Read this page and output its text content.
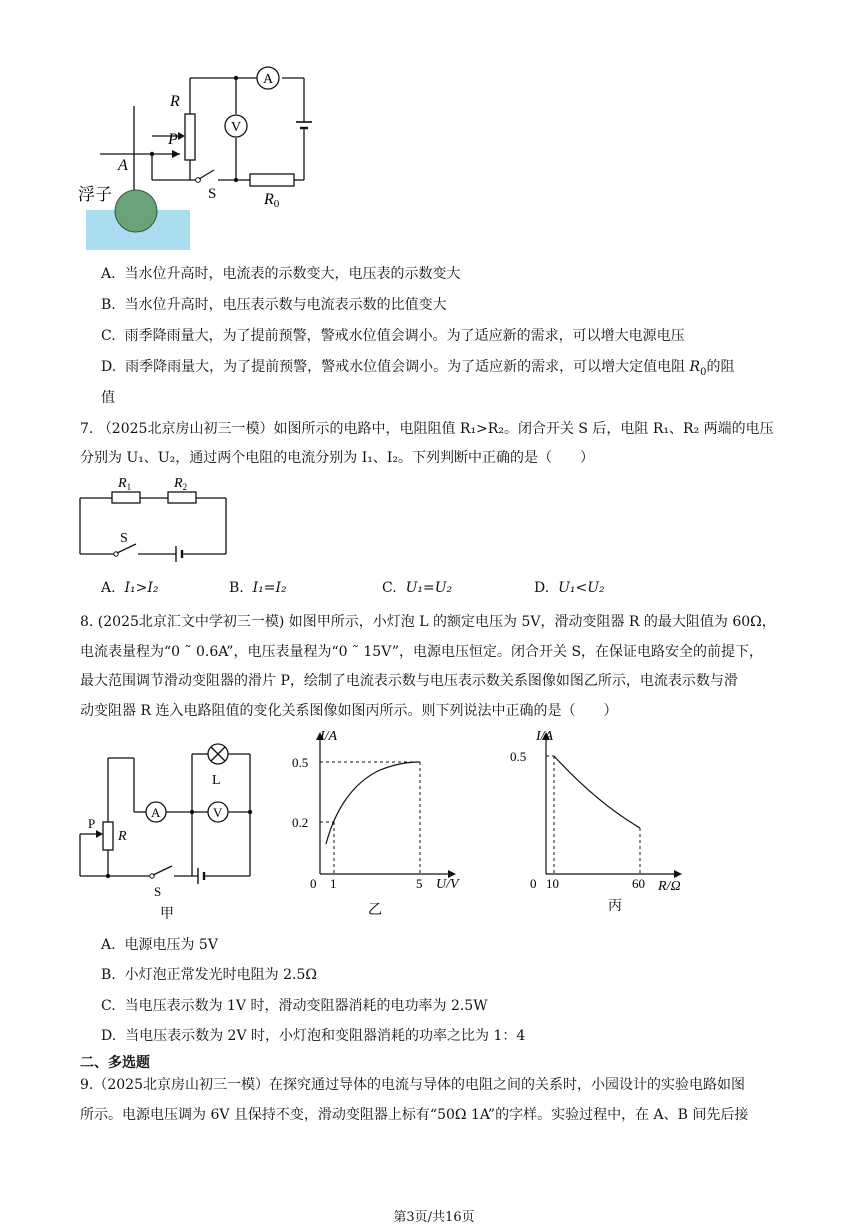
R
P
A
浮子	S
A
V
R0
A. 当水位升高时，电流表的示数变大，电压表的示数变大
B. 当水位升高时，电压表示数与电流表示数的比值变大
C. 雨季降雨量大，为了提前预警，警戒水位值会调小。为了适应新的需求，可以增大电源电压
D. 雨季降雨量大，为了提前预警，警戒水位值会调小。为了适应新的需求，可以增大定值电阻 $R_0$的阻
值
7. （2025北京房山初三一模）如图所示的电路中，电阻阻值 R₁>R₂。闭合开关 S 后，电阻 R₁、R₂ 两端的电压
分别为 U₁、U₂，通过两个电阻的电流分别为 I₁、I₂。下列判断中正确的是（　　）
$R_1$	$R_2$
S
A. I₁>I₂	B. I₁=I₂	C. U₁=U₂	D. U₁<U₂
8. (2025北京汇文中学初三一模) 如图甲所示，小灯泡 L 的额定电压为 5V，滑动变阻器 R 的最大阻值为 60Ω，
电流表量程为“0 ˜ 0.6A”，电压表量程为“0 ˜ 15V”，电源电压恒定。闭合开关 S，在保证电路安全的前提下，
最大范围调节滑动变阻器的滑片 P，绘制了电流表示数与电压表示数关系图像如图乙所示，电流表示数与滑
动变阻器 R 连入电路阻值的变化关系图像如图丙所示。则下列说法中正确的是（　　）
L
A	V
P
R
S
甲
I/A
0.5
0.2
0 1	5 U/V
乙
I/A
0.5
0 10	60 R/Ω
丙
A. 电源电压为 5V
B. 小灯泡正常发光时电阻为 2.5Ω
C. 当电压表示数为 1V 时，滑动变阻器消耗的电功率为 2.5W
D. 当电压表示数为 2V 时，小灯泡和变阻器消耗的功率之比为 1：4
二、多选题
9.（2025北京房山初三一模）在探究通过导体的电流与导体的电阻之间的关系时，小园设计的实验电路如图
所示。电源电压调为 6V 且保持不变，滑动变阻器上标有“50Ω 1A”的字样。实验过程中，在 A、B 间先后接
第3页/共16页
